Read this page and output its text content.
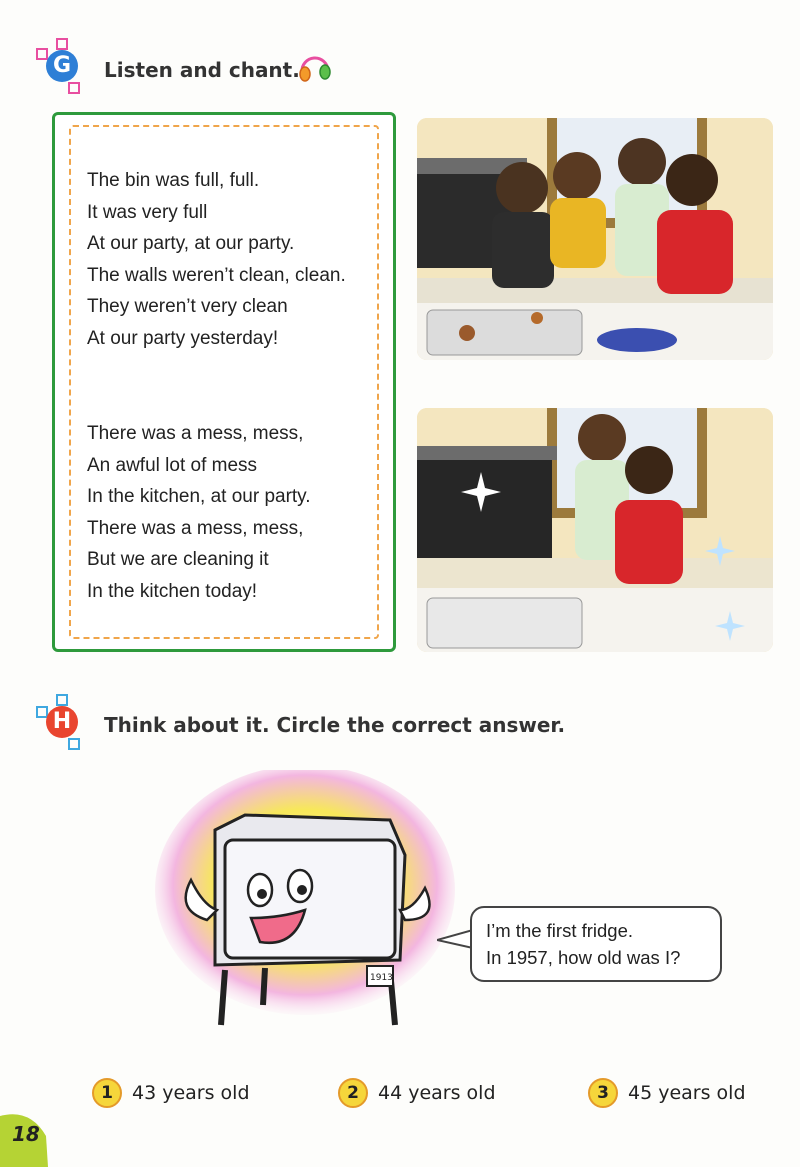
G	Listen and chant.
The bin was full, full.
It was very full
At our party, at our party.
The walls weren’t clean, clean.
They weren’t very clean
At our party yesterday!
There was a mess, mess,
An awful lot of mess
In the kitchen, at our party.
There was a mess, mess,
But we are cleaning it
In the kitchen today!
H	Think about it. Circle the correct answer.
1913
I’m the first fridge.
In 1957, how old was I?
1	43 years old	2	44 years old	3	45 years old
18
